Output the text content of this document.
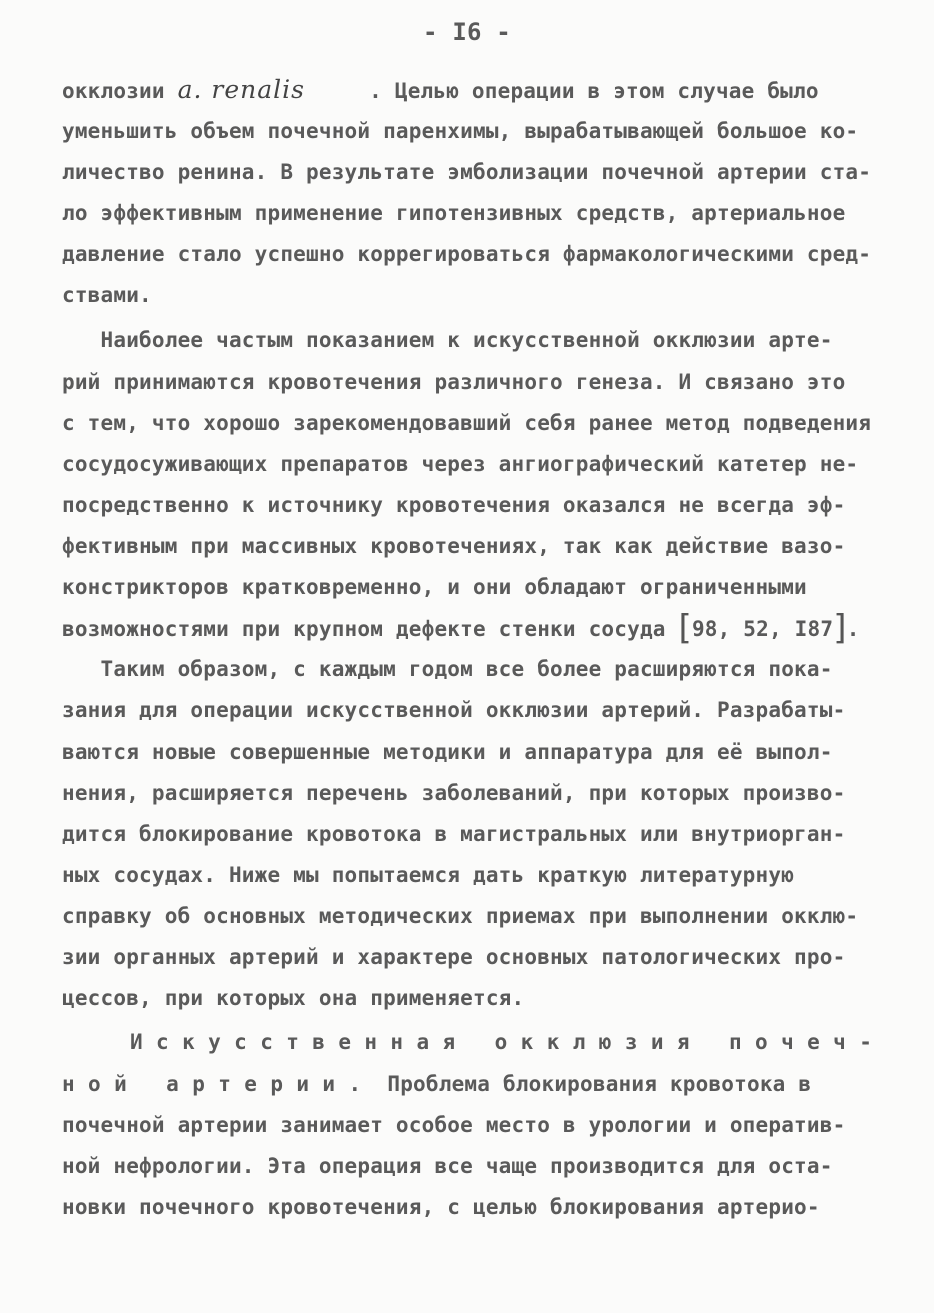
- I6 -
окклозии a. renalis     . Целью операции в этом случае было
уменьшить объем почечной паренхимы, вырабатывающей большое ко-
личество ренина. В результате эмболизации почечной артерии ста-
ло эффективным применение гипотензивных средств, артериальное
давление стало успешно коррегироваться фармакологическими сред-
ствами.
Наиболее частым показанием к искусственной окклюзии арте-
рий принимаются кровотечения различного генеза. И связано это
с тем, что хорошо зарекомендовавший себя ранее метод подведения
сосудосуживающих препаратов через ангиографический катетер не-
посредственно к источнику кровотечения оказался не всегда эф-
фективным при массивных кровотечениях, так как действие вазо-
констрикторов кратковременно, и они обладают ограниченными
возможностями при крупном дефекте стенки сосуда [98, 52, I87].
Таким образом, с каждым годом все более расширяются пока-
зания для операции искусственной окклюзии артерий. Разрабаты-
ваются новые совершенные методики и аппаратура для её выпол-
нения, расширяется перечень заболеваний, при которых произво-
дится блокирование кровотока в магистральных или внутриорган-
ных сосудах. Ниже мы попытаемся дать краткую литературную
справку об основных методических приемах при выполнении окклю-
зии органных артерий и характере основных патологических про-
цессов, при которых она применяется.
Искусственная окклюзия почеч-
ной артерии. Проблема блокирования кровотока в
почечной артерии занимает особое место в урологии и оператив-
ной нефрологии. Эта операция все чаще производится для оста-
новки почечного кровотечения, с целью блокирования артерио-
